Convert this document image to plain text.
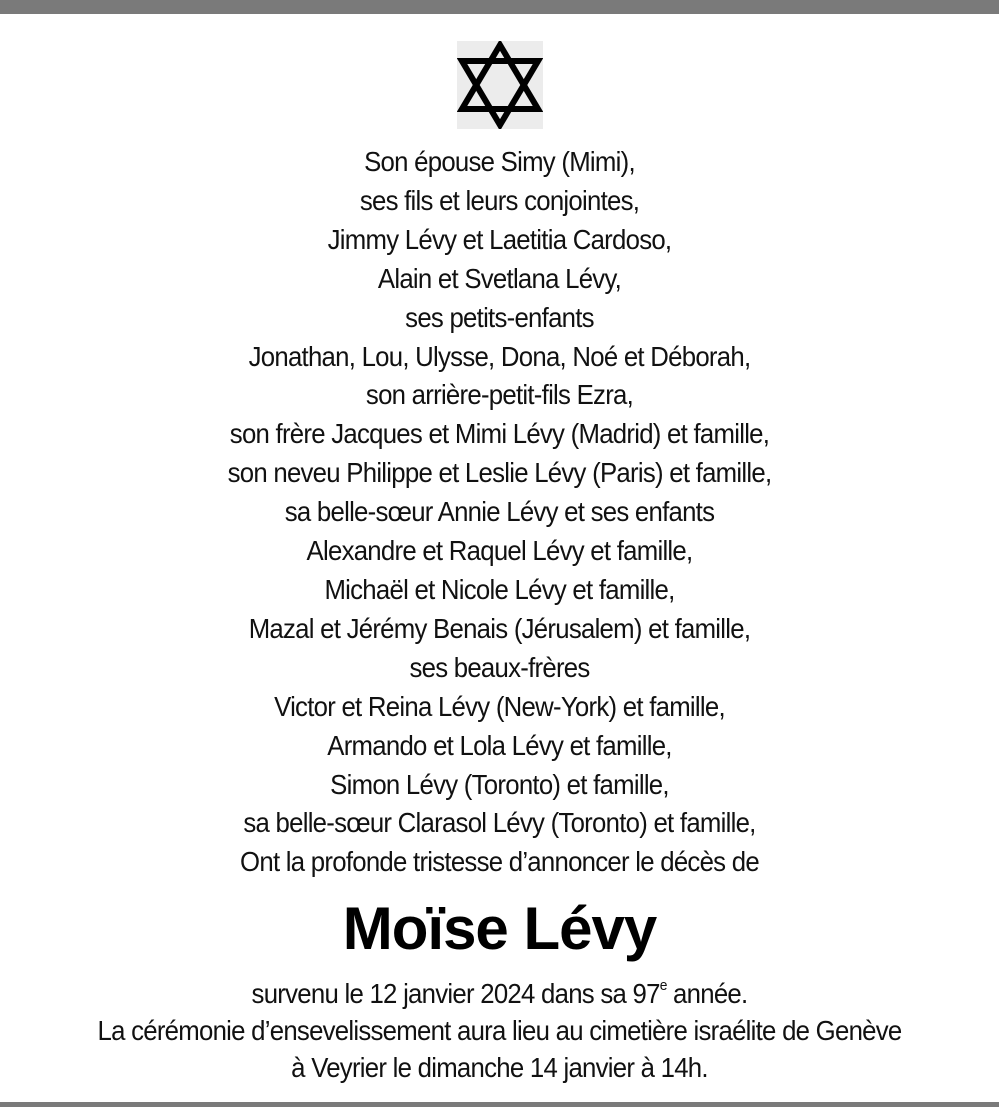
Son épouse Simy (Mimi),
ses fils et leurs conjointes,
Jimmy Lévy et Laetitia Cardoso,
Alain et Svetlana Lévy,
ses petits-enfants
Jonathan, Lou, Ulysse, Dona, Noé et Déborah,
son arrière-petit-fils Ezra,
son frère Jacques et Mimi Lévy (Madrid) et famille,
son neveu Philippe et Leslie Lévy (Paris) et famille,
sa belle-sœur Annie Lévy et ses enfants
Alexandre et Raquel Lévy et famille,
Michaël et Nicole Lévy et famille,
Mazal et Jérémy Benais (Jérusalem) et famille,
ses beaux-frères
Victor et Reina Lévy (New-York) et famille,
Armando et Lola Lévy et famille,
Simon Lévy (Toronto) et famille,
sa belle-sœur Clarasol Lévy (Toronto) et famille,
Ont la profonde tristesse d’annoncer le décès de
Moïse Lévy
survenu le 12 janvier 2024 dans sa 97e année.
La cérémonie d’ensevelissement aura lieu au cimetière israélite de Genève
à Veyrier le dimanche 14 janvier à 14h.
